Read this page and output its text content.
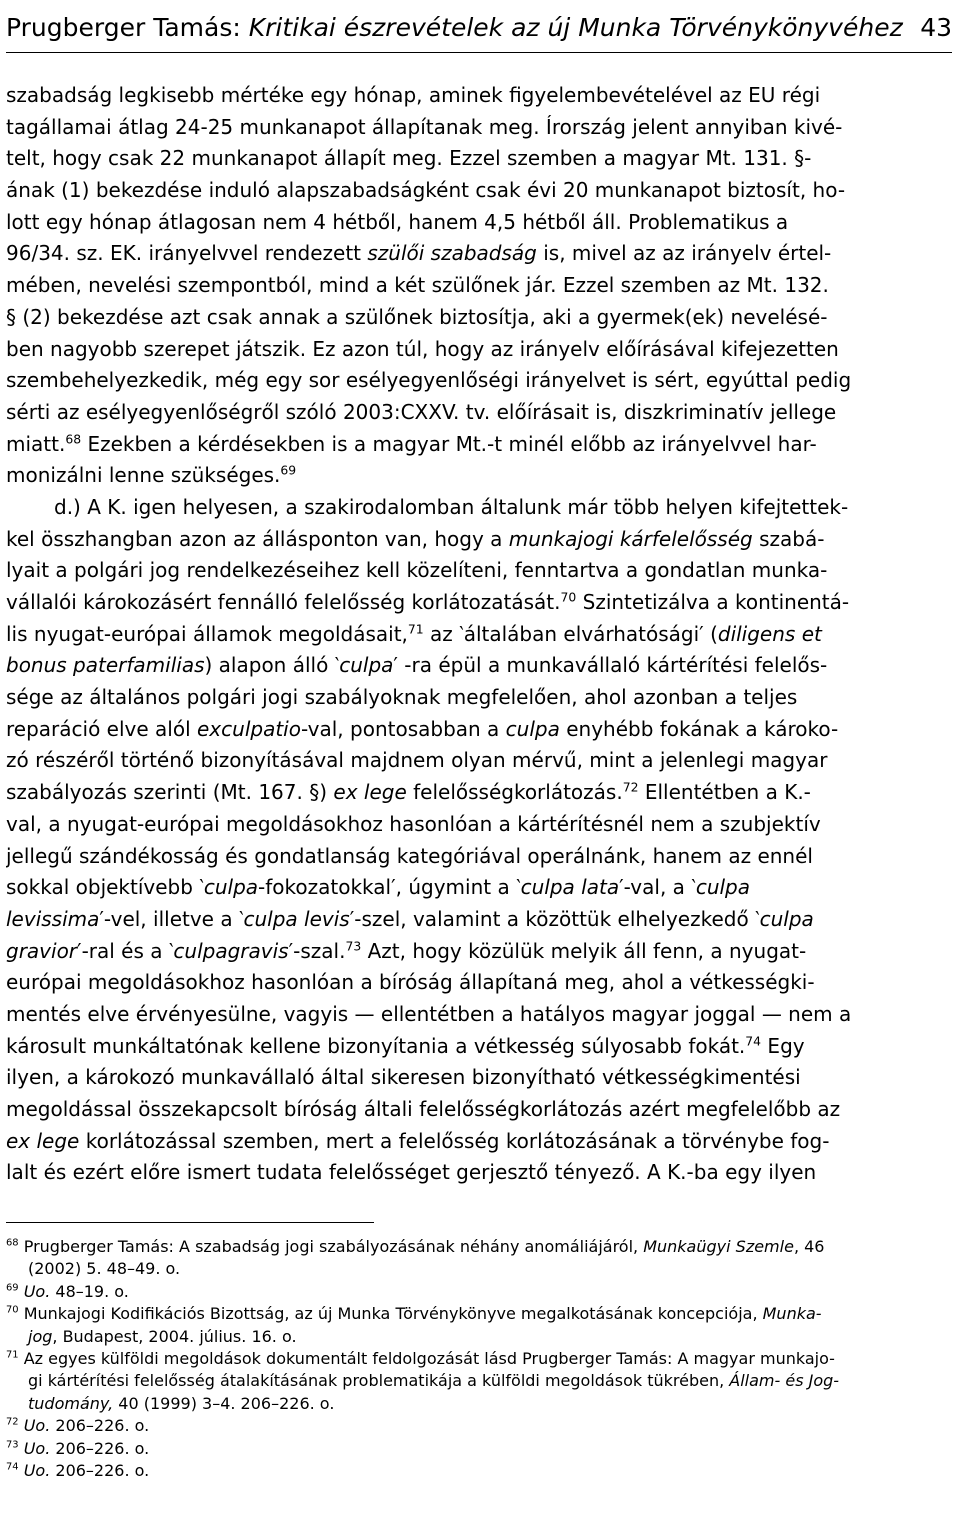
Prugberger Tamás: Kritikai észrevételek az új Munka Törvénykönyvéhez 43
szabadság legkisebb mértéke egy hónap, aminek figyelembevételével az EU régi
tagállamai átlag 24-25 munkanapot állapítanak meg. Írország jelent annyiban kivé-
telt, hogy csak 22 munkanapot állapít meg. Ezzel szemben a magyar Mt. 131. §-
ának (1) bekezdése induló alapszabadságként csak évi 20 munkanapot biztosít, ho-
lott egy hónap átlagosan nem 4 hétből, hanem 4,5 hétből áll. Problematikus a
96/34. sz. EK. irányelvvel rendezett szülői szabadság is, mivel az az irányelv értel-
mében, nevelési szempontból, mind a két szülőnek jár. Ezzel szemben az Mt. 132.
§ (2) bekezdése azt csak annak a szülőnek biztosítja, aki a gyermek(ek) nevelésé-
ben nagyobb szerepet játszik. Ez azon túl, hogy az irányelv előírásával kifejezetten
szembehelyezkedik, még egy sor esélyegyenlőségi irányelvet is sért, egyúttal pedig
sérti az esélyegyenlőségről szóló 2003:CXXV. tv. előírásait is, diszkriminatív jellege
miatt.$^{68}$ Ezekben a kérdésekben is a magyar Mt.-t minél előbb az irányelvvel har-
monizálni lenne szükséges.$^{69}$
d.) A K. igen helyesen, a szakirodalomban általunk már több helyen kifejtettek-
kel összhangban azon az állásponton van, hogy a munkajogi kárfelelősség szabá-
lyait a polgári jog rendelkezéseihez kell közelíteni, fenntartva a gondatlan munka-
vállalói károkozásért fennálló felelősség korlátozatását.$^{70}$ Szintetizálva a kontinentá-
lis nyugat-európai államok megoldásait,$^{71}$ az ‵általában elvárhatósági′ (diligens et
bonus paterfamilias) alapon álló ‵culpa′ -ra épül a munkavállaló kártérítési felelős-
sége az általános polgári jogi szabályoknak megfelelően, ahol azonban a teljes
reparáció elve alól exculpatio-val, pontosabban a culpa enyhébb fokának a károko-
zó részéről történő bizonyításával majdnem olyan mérvű, mint a jelenlegi magyar
szabályozás szerinti (Mt. 167. §) ex lege felelősségkorlátozás.$^{72}$ Ellentétben a K.-
val, a nyugat-európai megoldásokhoz hasonlóan a kártérítésnél nem a szubjektív
jellegű szándékosság és gondatlanság kategóriával operálnánk, hanem az ennél
sokkal objektívebb ‵culpa-fokozatokkal′, úgymint a ‵culpa lata′-val, a ‵culpa
levissima′-vel, illetve a ‵culpa levis′-szel, valamint a közöttük elhelyezkedő ‵culpa
gravior′-ral és a ‵culpagravis′-szal.$^{73}$ Azt, hogy közülük melyik áll fenn, a nyugat-
európai megoldásokhoz hasonlóan a bíróság állapítaná meg, ahol a vétkességki-
mentés elve érvényesülne, vagyis — ellentétben a hatályos magyar joggal — nem a
károsult munkáltatónak kellene bizonyítania a vétkesség súlyosabb fokát.$^{74}$ Egy
ilyen, a károkozó munkavállaló által sikeresen bizonyítható vétkességkimentési
megoldással összekapcsolt bíróság általi felelősségkorlátozás azért megfelelőbb az
ex lege korlátozással szemben, mert a felelősség korlátozásának a törvénybe fog-
lalt és ezért előre ismert tudata felelősséget gerjesztő tényező. A K.-ba egy ilyen
$^{68}$ Prugberger Tamás: A szabadság jogi szabályozásának néhány anomáliájáról, Munkaügyi Szemle, 46
(2002) 5. 48–49. o.
$^{69}$ Uo. 48–19. o.
$^{70}$ Munkajogi Kodifikációs Bizottság, az új Munka Törvénykönyve megalkotásának koncepciója, Munka-
jog, Budapest, 2004. július. 16. o.
$^{71}$ Az egyes külföldi megoldások dokumentált feldolgozását lásd Prugberger Tamás: A magyar munkajo-
gi kártérítési felelősség átalakításának problematikája a külföldi megoldások tükrében, Állam- és Jog-
tudomány, 40 (1999) 3–4. 206–226. o.
$^{72}$ Uo. 206–226. o.
$^{73}$ Uo. 206–226. o.
$^{74}$ Uo. 206–226. o.
